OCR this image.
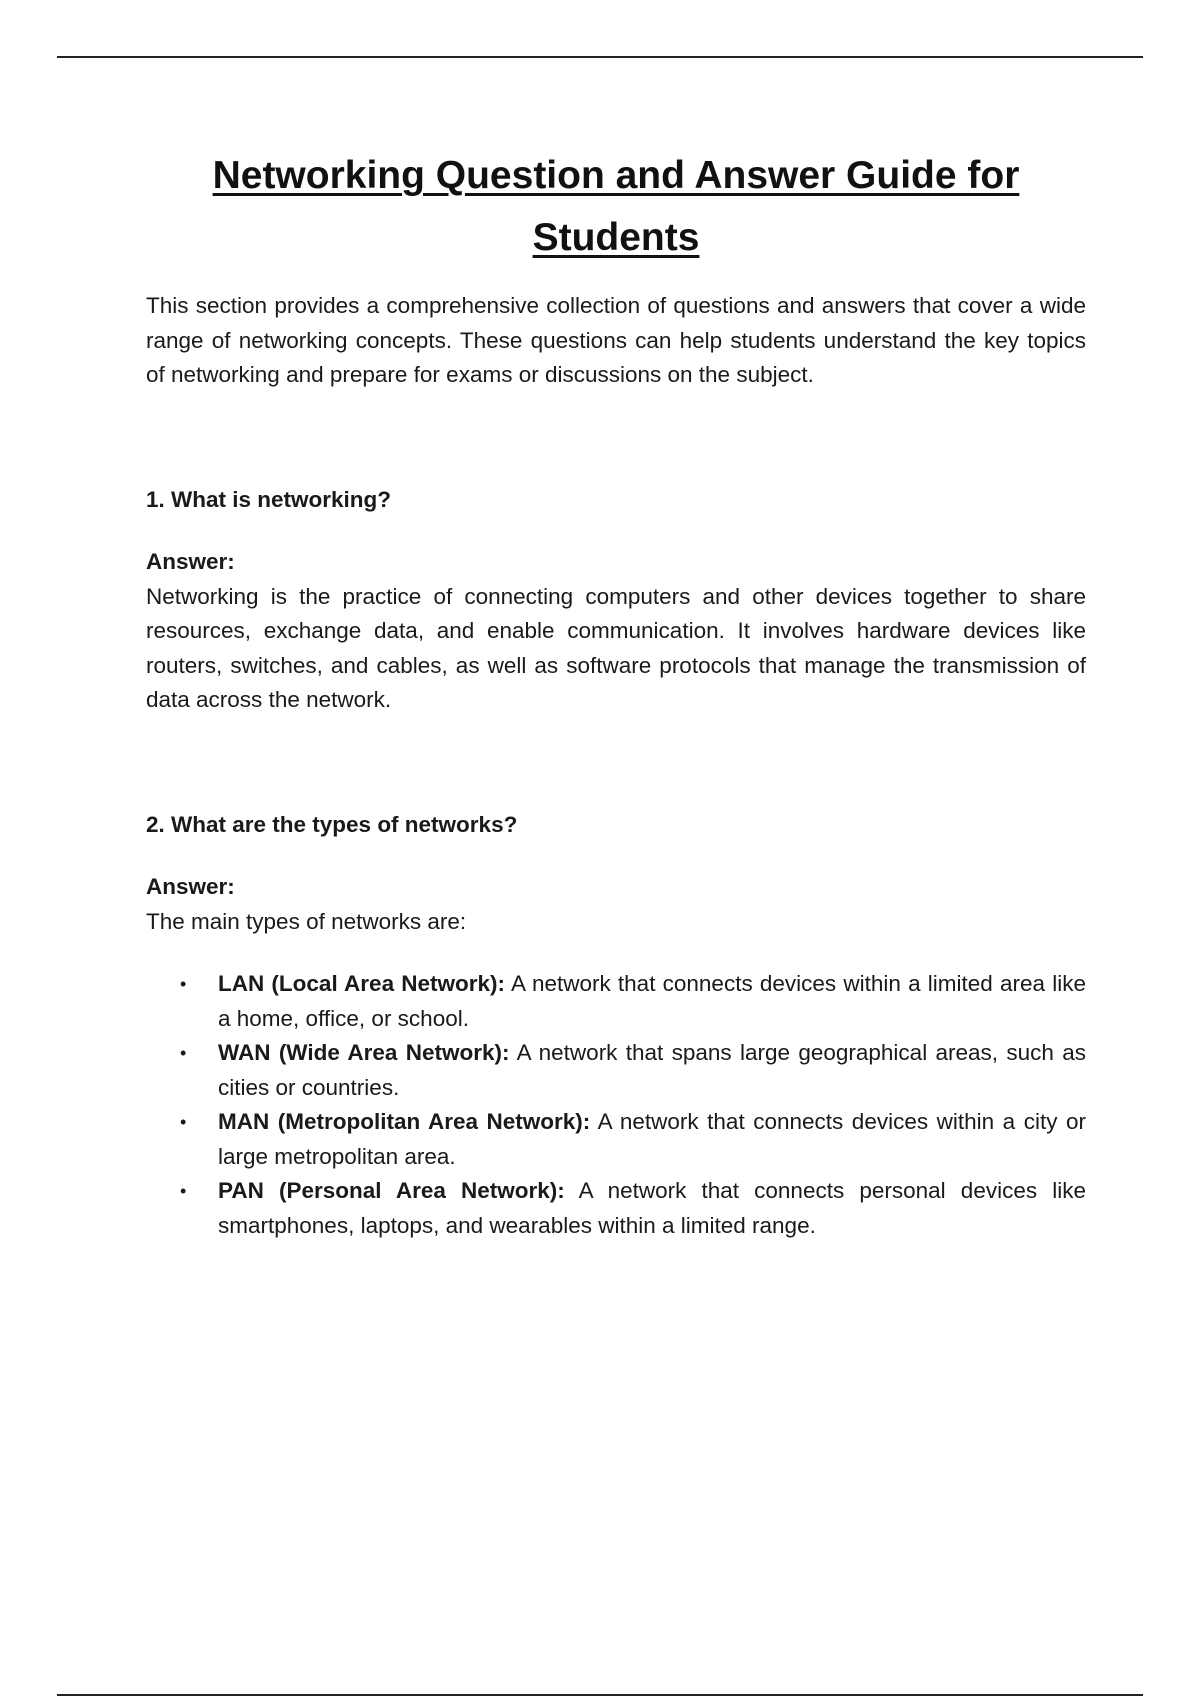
Networking Question and Answer Guide for Students

This section provides a comprehensive collection of questions and answers that cover a wide range of networking concepts. These questions can help students understand the key topics of networking and prepare for exams or discussions on the subject.

1. What is networking?

Answer:

Networking is the practice of connecting computers and other devices together to share resources, exchange data, and enable communication. It involves hardware devices like routers, switches, and cables, as well as software protocols that manage the transmission of data across the network.

2. What are the types of networks?

Answer:

The main types of networks are:

• LAN (Local Area Network): A network that connects devices within a limited area like a home, office, or school.
• WAN (Wide Area Network): A network that spans large geographical areas, such as cities or countries.
• MAN (Metropolitan Area Network): A network that connects devices within a city or large metropolitan area.
• PAN (Personal Area Network): A network that connects personal devices like smartphones, laptops, and wearables within a limited range.
